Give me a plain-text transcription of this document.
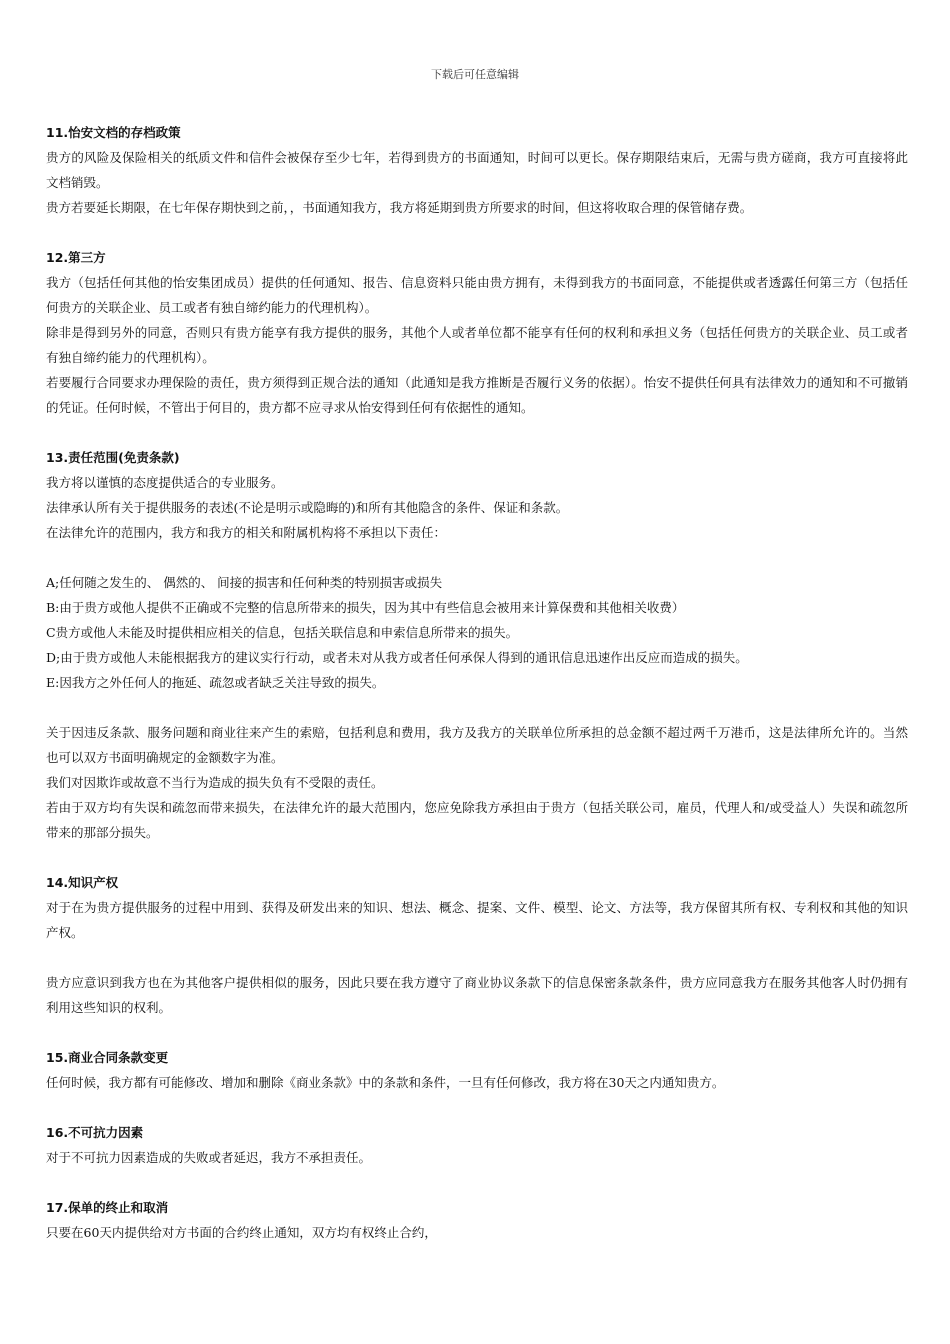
下载后可任意编辑
11.怡安文档的存档政策

贵方的风险及保险相关的纸质文件和信件会被保存至少七年，若得到贵方的书面通知，时间可以更长。保存期限结束后，无需与贵方磋商，我方可直接将此文档销毁。

贵方若要延长期限，在七年保存期快到之前，，书面通知我方，我方将延期到贵方所要求的时间，但这将收取合理的保管储存费。

12.第三方

我方（包括任何其他的怡安集团成员）提供的任何通知、报告、信息资料只能由贵方拥有，未得到我方的书面同意，不能提供或者透露任何第三方（包括任何贵方的关联企业、员工或者有独自缔约能力的代理机构）。

除非是得到另外的同意，否则只有贵方能享有我方提供的服务，其他个人或者单位都不能享有任何的权利和承担义务（包括任何贵方的关联企业、员工或者有独自缔约能力的代理机构）。

若要履行合同要求办理保险的责任，贵方须得到正规合法的通知（此通知是我方推断是否履行义务的依据）。怡安不提供任何具有法律效力的通知和不可撤销的凭证。任何时候，不管出于何目的，贵方都不应寻求从怡安得到任何有依据性的通知。

13.责任范围(免责条款)

我方将以谨慎的态度提供适合的专业服务。

法律承认所有关于提供服务的表述(不论是明示或隐晦的)和所有其他隐含的条件、保证和条款。

在法律允许的范围内，我方和我方的相关和附属机构将不承担以下责任：

A;任何随之发生的、 偶然的、 间接的损害和任何种类的特别损害或损失

B:由于贵方或他人提供不正确或不完整的信息所带来的损失，因为其中有些信息会被用来计算保费和其他相关收费）

C贵方或他人未能及时提供相应相关的信息，包括关联信息和申索信息所带来的损失。

D;由于贵方或他人未能根据我方的建议实行行动，或者未对从我方或者任何承保人得到的通讯信息迅速作出反应而造成的损失。

E:因我方之外任何人的拖延、疏忽或者缺乏关注导致的损失。

关于因违反条款、服务问题和商业往来产生的索赔，包括利息和费用，我方及我方的关联单位所承担的总金额不超过两千万港币，这是法律所允许的。当然也可以双方书面明确规定的金额数字为准。

我们对因欺诈或故意不当行为造成的损失负有不受限的责任。

若由于双方均有失误和疏忽而带来损失，在法律允许的最大范围内，您应免除我方承担由于贵方（包括关联公司，雇员，代理人和/或受益人）失误和疏忽所带来的那部分损失。

14.知识产权

对于在为贵方提供服务的过程中用到、获得及研发出来的知识、想法、概念、提案、文件、模型、论文、方法等，我方保留其所有权、专利权和其他的知识产权。

贵方应意识到我方也在为其他客户提供相似的服务，因此只要在我方遵守了商业协议条款下的信息保密条款条件，贵方应同意我方在服务其他客人时仍拥有利用这些知识的权利。

15.商业合同条款变更

任何时候，我方都有可能修改、增加和删除《商业条款》中的条款和条件，一旦有任何修改，我方将在30天之内通知贵方。

16.不可抗力因素

对于不可抗力因素造成的失败或者延迟，我方不承担责任。

17.保单的终止和取消

只要在60天内提供给对方书面的合约终止通知，双方均有权终止合约，
